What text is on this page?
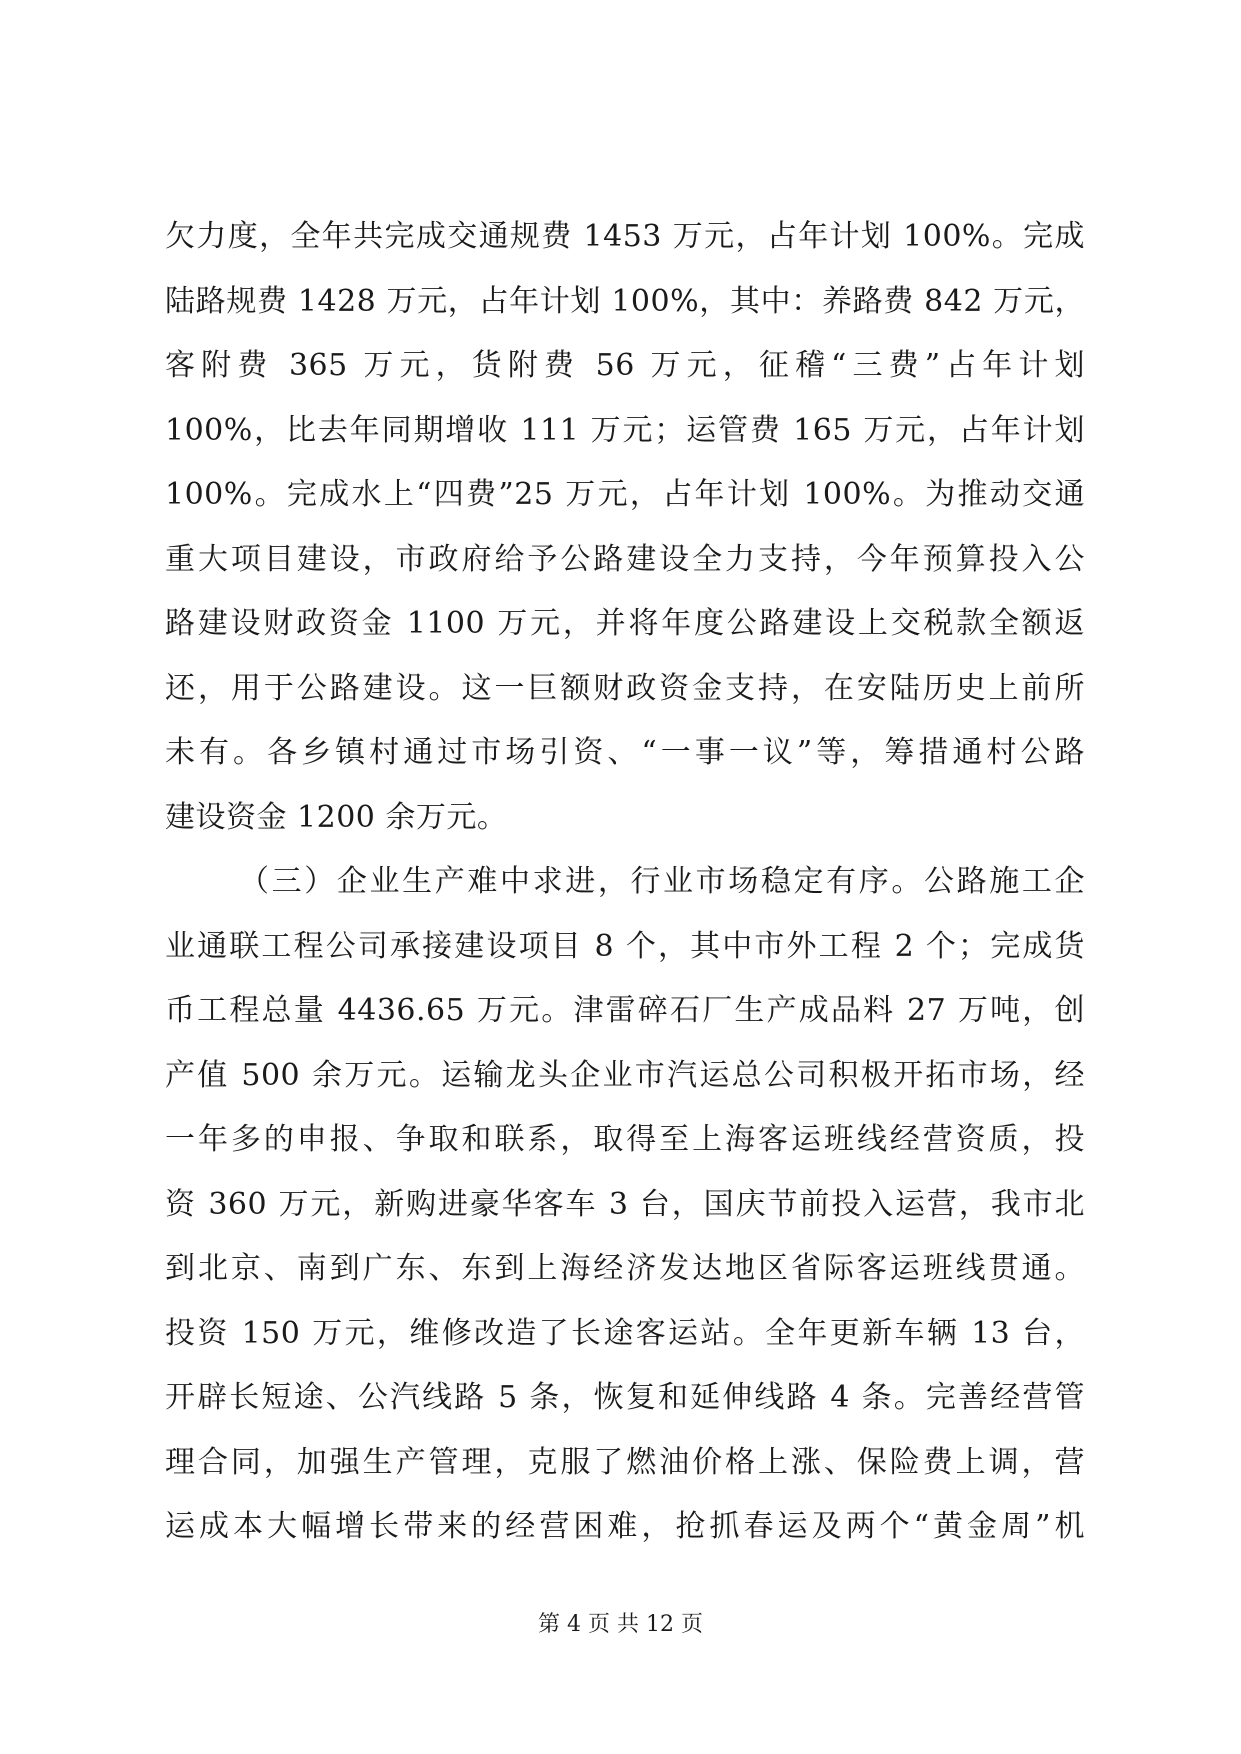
欠力度，全年共完成交通规费 1453 万元，占年计划 100%。完成
陆路规费 1428 万元，占年计划 100%，其中：养路费 842 万元，
客附费 365 万元，货附费 56 万元，征稽“三费”占年计划
100%，比去年同期增收 111 万元；运管费 165 万元，占年计划
100%。完成水上“四费”25 万元，占年计划 100%。为推动交通
重大项目建设，市政府给予公路建设全力支持，今年预算投入公
路建设财政资金 1100 万元，并将年度公路建设上交税款全额返
还，用于公路建设。这一巨额财政资金支持，在安陆历史上前所
未有。各乡镇村通过市场引资、“一事一议”等，筹措通村公路
建设资金 1200 余万元。
（三）企业生产难中求进，行业市场稳定有序。公路施工企
业通联工程公司承接建设项目 8 个，其中市外工程 2 个；完成货
币工程总量 4436.65 万元。津雷碎石厂生产成品料 27 万吨，创
产值 500 余万元。运输龙头企业市汽运总公司积极开拓市场，经
一年多的申报、争取和联系，取得至上海客运班线经营资质，投
资 360 万元，新购进豪华客车 3 台，国庆节前投入运营，我市北
到北京、南到广东、东到上海经济发达地区省际客运班线贯通。
投资 150 万元，维修改造了长途客运站。全年更新车辆 13 台，
开辟长短途、公汽线路 5 条，恢复和延伸线路 4 条。完善经营管
理合同，加强生产管理，克服了燃油价格上涨、保险费上调，营
运成本大幅增长带来的经营困难，抢抓春运及两个“黄金周”机
第 4 页 共 12 页
